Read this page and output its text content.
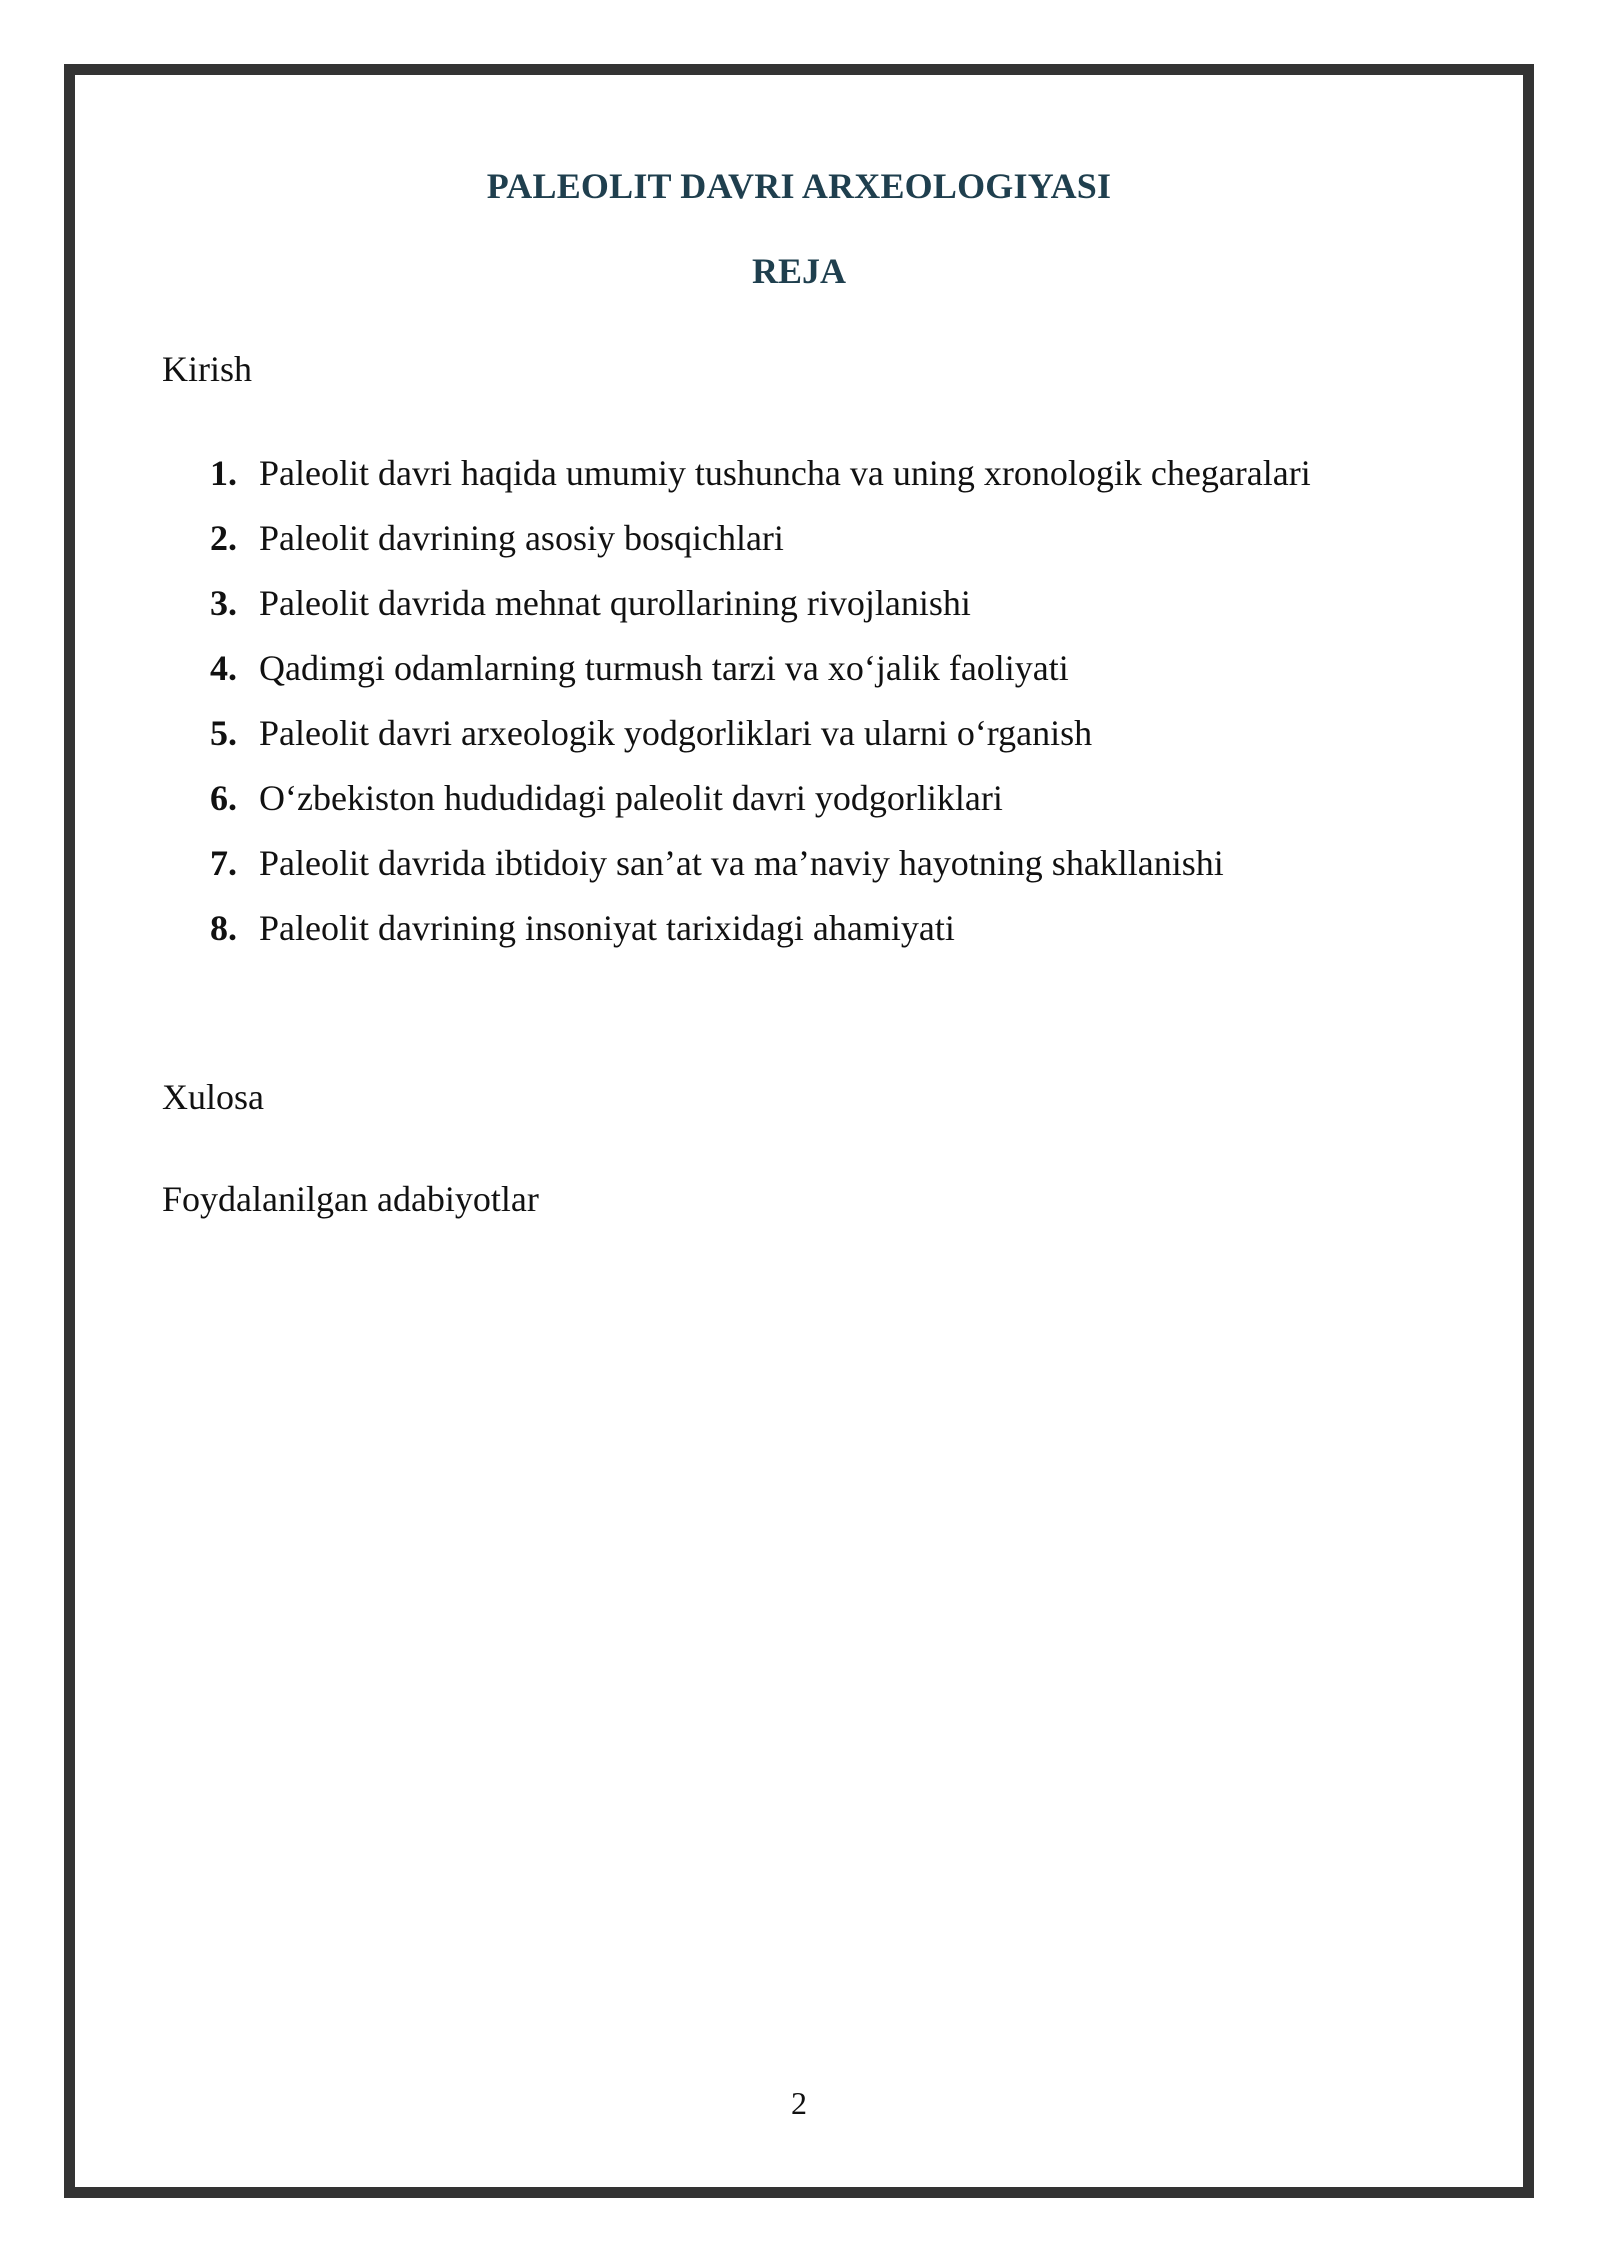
PALEOLIT DAVRI ARXEOLOGIYASI
REJA
Kirish
1. Paleolit davri haqida umumiy tushuncha va uning xronologik chegaralari
2. Paleolit davrining asosiy bosqichlari
3. Paleolit davrida mehnat qurollarining rivojlanishi
4. Qadimgi odamlarning turmush tarzi va xo‘jalik faoliyati
5. Paleolit davri arxeologik yodgorliklari va ularni o‘rganish
6. O‘zbekiston hududidagi paleolit davri yodgorliklari
7. Paleolit davrida ibtidoiy san’at va ma’naviy hayotning shakllanishi
8. Paleolit davrining insoniyat tarixidagi ahamiyati
Xulosa
Foydalanilgan adabiyotlar
2
